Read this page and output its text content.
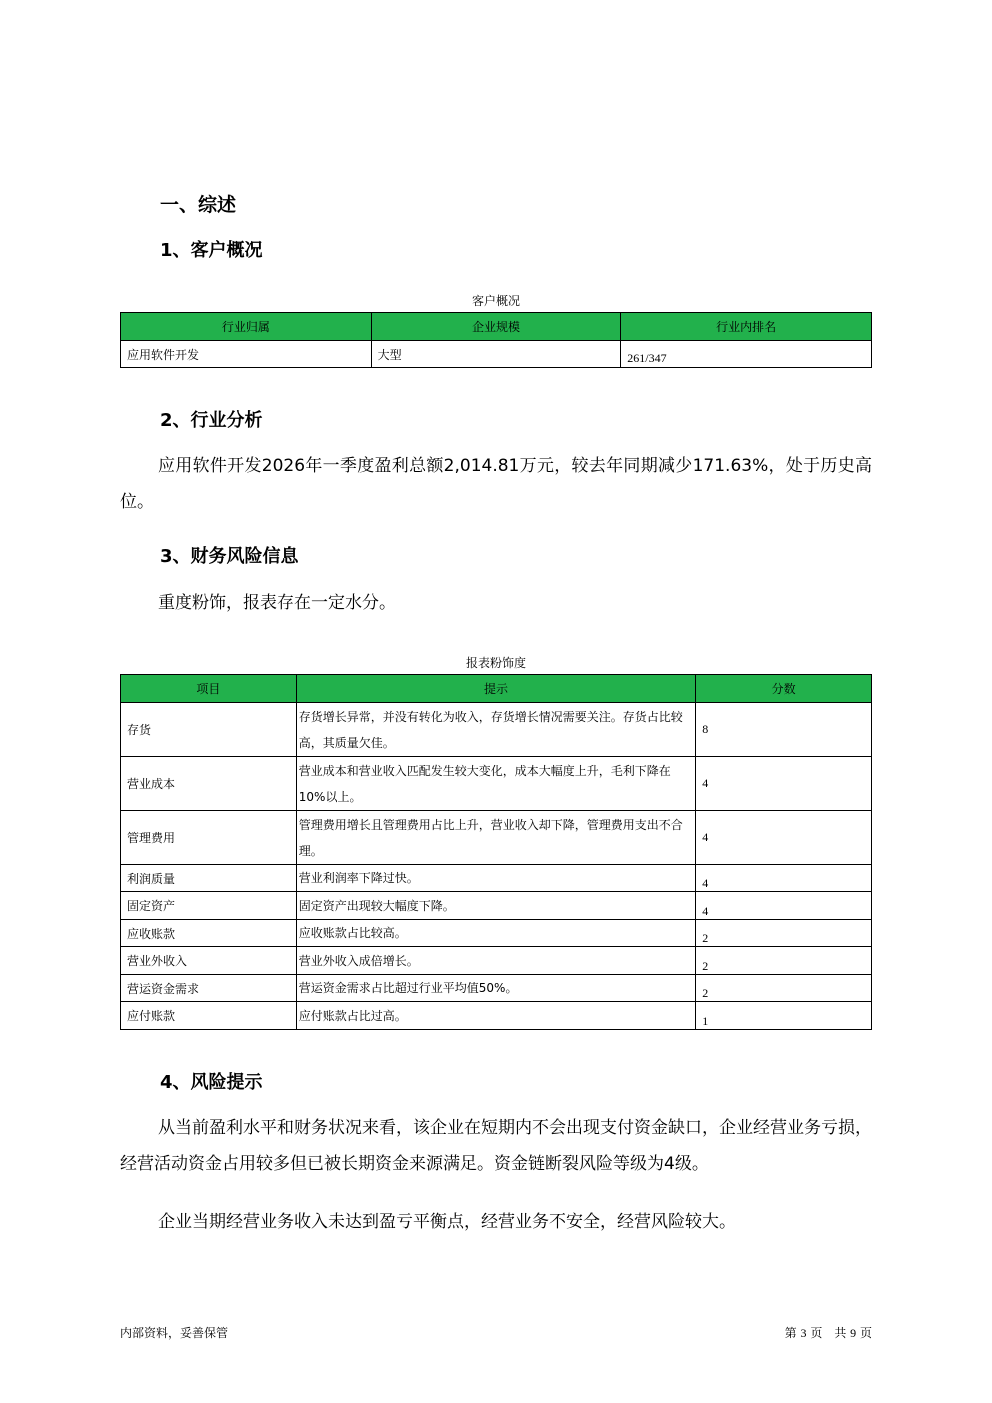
一、综述
1、客户概况
客户概况
行业归属	企业规模	行业内排名
应用软件开发	大型	261/347
2、行业分析
应用软件开发2026年一季度盈利总额2,014.81万元，较去年同期减少171.63%，处于历史高位。
3、财务风险信息
重度粉饰，报表存在一定水分。
报表粉饰度
项目	提示	分数
存货	存货增长异常，并没有转化为收入，存货增长情况需要关注。存货占比较高，其质量欠佳。	8
营业成本	营业成本和营业收入匹配发生较大变化，成本大幅度上升，毛利下降在10%以上。	4
管理费用	管理费用增长且管理费用占比上升，营业收入却下降，管理费用支出不合理。	4
利润质量	营业利润率下降过快。	4
固定资产	固定资产出现较大幅度下降。	4
应收账款	应收账款占比较高。	2
营业外收入	营业外收入成倍增长。	2
营运资金需求	营运资金需求占比超过行业平均值50%。	2
应付账款	应付账款占比过高。	1
4、风险提示
从当前盈利水平和财务状况来看，该企业在短期内不会出现支付资金缺口，企业经营业务亏损，经营活动资金占用较多但已被长期资金来源满足。资金链断裂风险等级为4级。
企业当期经营业务收入未达到盈亏平衡点，经营业务不安全，经营风险较大。
内部资料，妥善保管	第 3 页　共 9 页
